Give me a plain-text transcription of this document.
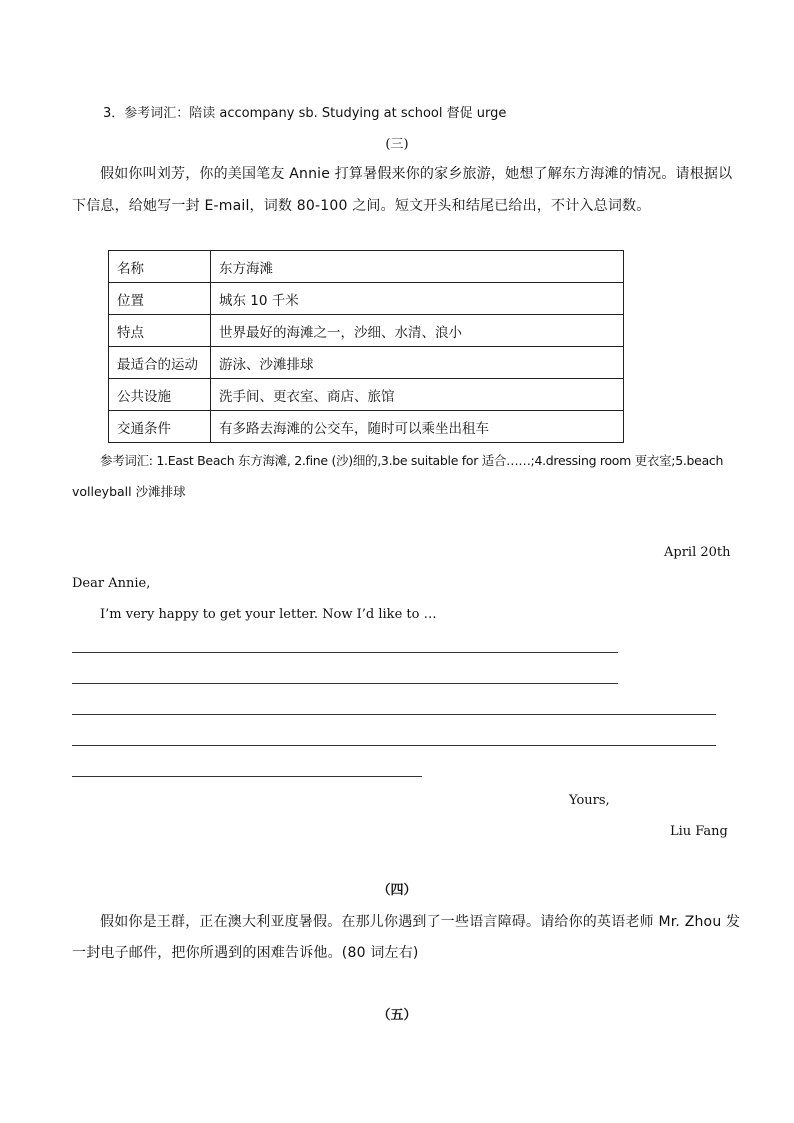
3．参考词汇：陪读 accompany sb. Studying at school 督促 urge
(三)
假如你叫刘芳，你的美国笔友 Annie 打算暑假来你的家乡旅游，她想了解东方海滩的情况。请根据以
下信息，给她写一封 E-mail，词数 80-100 之间。短文开头和结尾已给出，不计入总词数。
名称	东方海滩
位置	城东 10 千米
特点	世界最好的海滩之一，沙细、水清、浪小
最适合的运动	游泳、沙滩排球
公共设施	洗手间、更衣室、商店、旅馆
交通条件	有多路去海滩的公交车，随时可以乘坐出租车
参考词汇: 1.East Beach 东方海滩, 2.fine (沙)细的,3.be suitable for 适合……;4.dressing room 更衣室;5.beach
volleyball 沙滩排球
April 20th
Dear Annie,
I’m very happy to get your letter. Now I’d like to …
Yours,
Liu Fang
（四）
假如你是王群，正在澳大利亚度暑假。在那儿你遇到了一些语言障碍。请给你的英语老师 Mr. Zhou 发
一封电子邮件，把你所遇到的困难告诉他。(80 词左右)
（五）
